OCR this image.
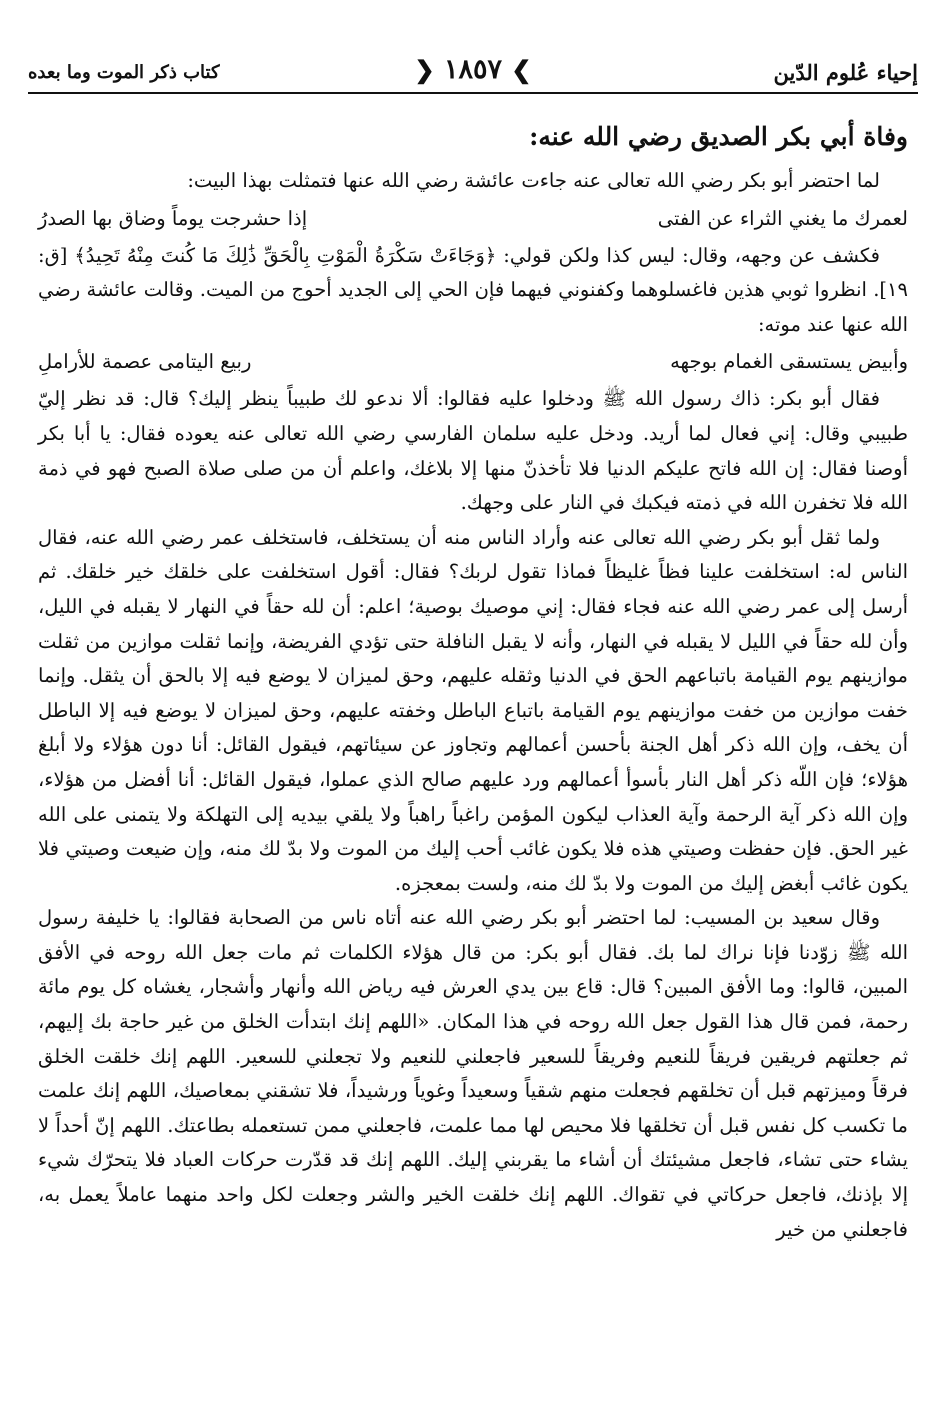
إحياء عُلوم الدّين
❯ ١٨٥٧ ❮
كتاب ذكر الموت وما بعده
وفاة أبي بكر الصديق رضي الله عنه:

لما احتضر أبو بكر رضي الله تعالى عنه جاءت عائشة رضي الله عنها فتمثلت بهذا البيت:

لعمرك ما يغني الثراء عن الفتى
إذا حشرجت يوماً وضاق بها الصدرُ

فكشف عن وجهه، وقال: ليس كذا ولكن قولي: ﴿وَجَاءَتْ سَكْرَةُ الْمَوْتِ بِالْحَقِّ ذَٰلِكَ مَا كُنتَ مِنْهُ تَحِيدُ﴾ [ق: ١٩]. انظروا ثوبي هذين فاغسلوهما وكفنوني فيهما فإن الحي إلى الجديد أحوج من الميت. وقالت عائشة رضي الله عنها عند موته:

وأبيض يستسقى الغمام بوجهه
ربيع اليتامى عصمة للأراملِ

فقال أبو بكر: ذاك رسول الله ﷺ ودخلوا عليه فقالوا: ألا ندعو لك طبيباً ينظر إليك؟ قال: قد نظر إليّ طبيبي وقال: إني فعال لما أريد. ودخل عليه سلمان الفارسي رضي الله تعالى عنه يعوده فقال: يا أبا بكر أوصنا فقال: إن الله فاتح عليكم الدنيا فلا تأخذنّ منها إلا بلاغك، واعلم أن من صلى صلاة الصبح فهو في ذمة الله فلا تخفرن الله في ذمته فيكبك في النار على وجهك.

ولما ثقل أبو بكر رضي الله تعالى عنه وأراد الناس منه أن يستخلف، فاستخلف عمر رضي الله عنه، فقال الناس له: استخلفت علينا فظاً غليظاً فماذا تقول لربك؟ فقال: أقول استخلفت على خلقك خير خلقك. ثم أرسل إلى عمر رضي الله عنه فجاء فقال: إني موصيك بوصية؛ اعلم: أن لله حقاً في النهار لا يقبله في الليل، وأن لله حقاً في الليل لا يقبله في النهار، وأنه لا يقبل النافلة حتى تؤدي الفريضة، وإنما ثقلت موازين من ثقلت موازينهم يوم القيامة باتباعهم الحق في الدنيا وثقله عليهم، وحق لميزان لا يوضع فيه إلا بالحق أن يثقل. وإنما خفت موازين من خفت موازينهم يوم القيامة باتباع الباطل وخفته عليهم، وحق لميزان لا يوضع فيه إلا الباطل أن يخف، وإن الله ذكر أهل الجنة بأحسن أعمالهم وتجاوز عن سيئاتهم، فيقول القائل: أنا دون هؤلاء ولا أبلغ هؤلاء؛ فإن اللّه ذكر أهل النار بأسوأ أعمالهم ورد عليهم صالح الذي عملوا، فيقول القائل: أنا أفضل من هؤلاء، وإن الله ذكر آية الرحمة وآية العذاب ليكون المؤمن راغباً راهباً ولا يلقي بيديه إلى التهلكة ولا يتمنى على الله غير الحق. فإن حفظت وصيتي هذه فلا يكون غائب أحب إليك من الموت ولا بدّ لك منه، وإن ضيعت وصيتي فلا يكون غائب أبغض إليك من الموت ولا بدّ لك منه، ولست بمعجزه.

وقال سعيد بن المسيب: لما احتضر أبو بكر رضي الله عنه أتاه ناس من الصحابة فقالوا: يا خليفة رسول الله ﷺ زوّدنا فإنا نراك لما بك. فقال أبو بكر: من قال هؤلاء الكلمات ثم مات جعل الله روحه في الأفق المبين، قالوا: وما الأفق المبين؟ قال: قاع بين يدي العرش فيه رياض الله وأنهار وأشجار، يغشاه كل يوم مائة رحمة، فمن قال هذا القول جعل الله روحه في هذا المكان. «اللهم إنك ابتدأت الخلق من غير حاجة بك إليهم، ثم جعلتهم فريقين فريقاً للنعيم وفريقاً للسعير فاجعلني للنعيم ولا تجعلني للسعير. اللهم إنك خلقت الخلق فرقاً وميزتهم قبل أن تخلقهم فجعلت منهم شقياً وسعيداً وغوياً ورشيداً، فلا تشقني بمعاصيك، اللهم إنك علمت ما تكسب كل نفس قبل أن تخلقها فلا محيص لها مما علمت، فاجعلني ممن تستعمله بطاعتك. اللهم إنّ أحداً لا يشاء حتى تشاء، فاجعل مشيئتك أن أشاء ما يقربني إليك. اللهم إنك قد قدّرت حركات العباد فلا يتحرّك شيء إلا بإذنك، فاجعل حركاتي في تقواك. اللهم إنك خلقت الخير والشر وجعلت لكل واحد منهما عاملاً يعمل به، فاجعلني من خير
